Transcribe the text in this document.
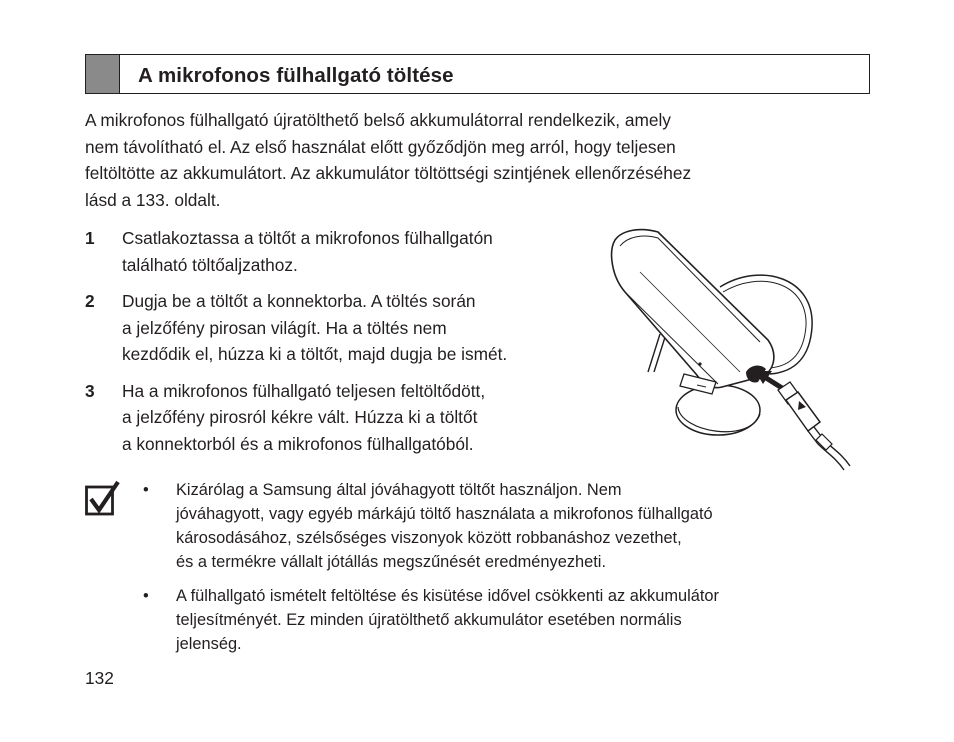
A mikrofonos fülhallgató töltése
A mikrofonos fülhallgató újratölthető belső akkumulátorral rendelkezik, amely
nem távolítható el. Az első használat előtt győződjön meg arról, hogy teljesen
feltöltötte az akkumulátort. Az akkumulátor töltöttségi szintjének ellenőrzéséhez
lásd a 133. oldalt.
1 Csatlakoztassa a töltőt a mikrofonos fülhallgatón
található töltőaljzathoz.
2 Dugja be a töltőt a konnektorba. A töltés során
a jelzőfény pirosan világít. Ha a töltés nem
kezdődik el, húzza ki a töltőt, majd dugja be ismét.
3 Ha a mikrofonos fülhallgató teljesen feltöltődött,
a jelzőfény pirosról kékre vált. Húzza ki a töltőt
a konnektorból és a mikrofonos fülhallgatóból.
• Kizárólag a Samsung által jóváhagyott töltőt használjon. Nem
jóváhagyott, vagy egyéb márkájú töltő használata a mikrofonos fülhallgató
károsodásához, szélsőséges viszonyok között robbanáshoz vezethet,
és a termékre vállalt jótállás megszűnését eredményezheti.
• A fülhallgató ismételt feltöltése és kisütése idővel csökkenti az akkumulátor
teljesítményét. Ez minden újratölthető akkumulátor esetében normális
jelenség.
132
